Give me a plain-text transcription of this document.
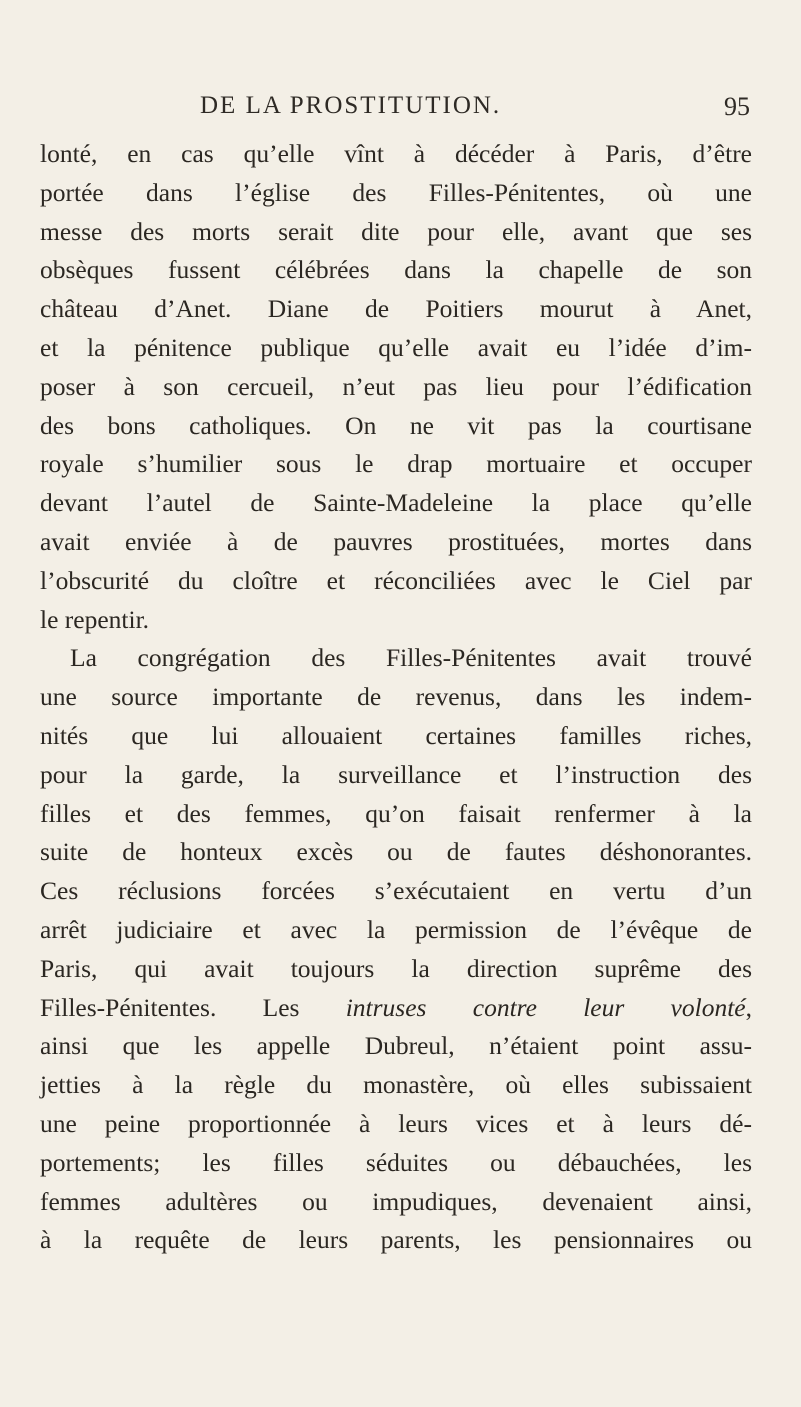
DE LA PROSTITUTION.	95
lonté, en cas qu’elle vînt à décéder à Paris, d’être
portée dans l’église des Filles-Pénitentes, où une
messe des morts serait dite pour elle, avant que ses
obsèques fussent célébrées dans la chapelle de son
château d’Anet. Diane de Poitiers mourut à Anet,
et la pénitence publique qu’elle avait eu l’idée d’im-
poser à son cercueil, n’eut pas lieu pour l’édification
des bons catholiques. On ne vit pas la courtisane
royale s’humilier sous le drap mortuaire et occuper
devant l’autel de Sainte-Madeleine la place qu’elle
avait enviée à de pauvres prostituées, mortes dans
l’obscurité du cloître et réconciliées avec le Ciel par
le repentir.
La congrégation des Filles-Pénitentes avait trouvé
une source importante de revenus, dans les indem-
nités que lui allouaient certaines familles riches,
pour la garde, la surveillance et l’instruction des
filles et des femmes, qu’on faisait renfermer à la
suite de honteux excès ou de fautes déshonorantes.
Ces réclusions forcées s’exécutaient en vertu d’un
arrêt judiciaire et avec la permission de l’évêque de
Paris, qui avait toujours la direction suprême des
Filles-Pénitentes. Les intruses contre leur volonté,
ainsi que les appelle Dubreul, n’étaient point assu-
jetties à la règle du monastère, où elles subissaient
une peine proportionnée à leurs vices et à leurs dé-
portements; les filles séduites ou débauchées, les
femmes adultères ou impudiques, devenaient ainsi,
à la requête de leurs parents, les pensionnaires ou
